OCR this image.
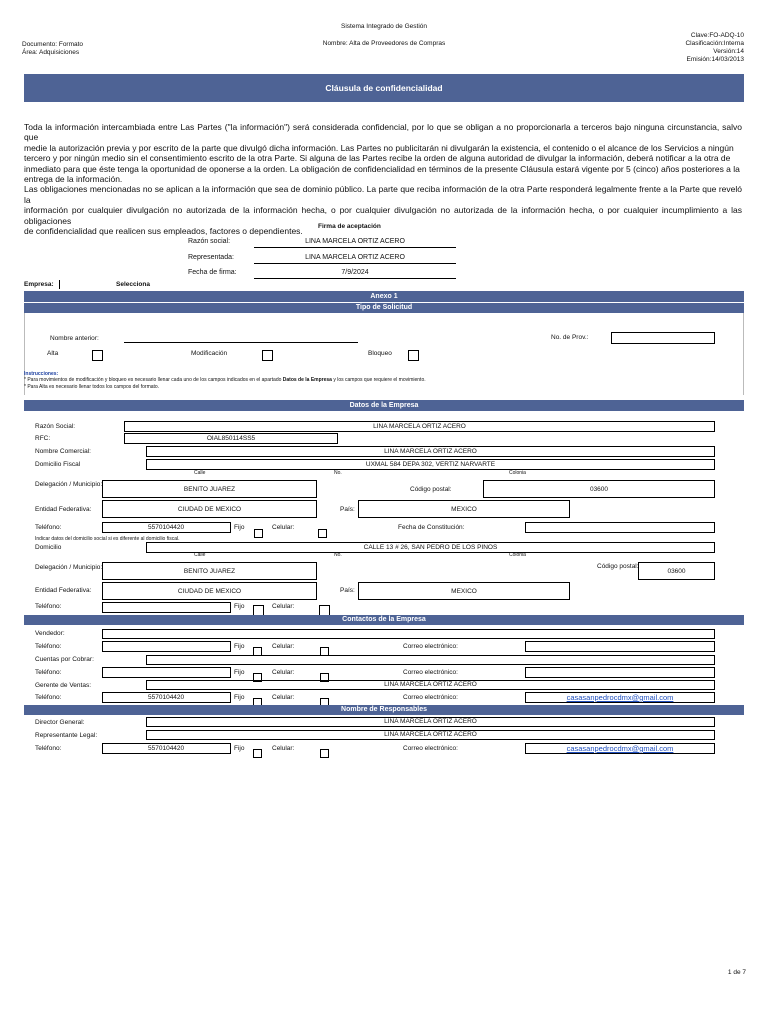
Sistema Integrado de Gestión
Documento: Formato
Área: Adquisiciones
Nombre: Alta de Proveedores de Compras
Clave:FO-ADQ-10
Clasificación:Interna
Versión:14
Emisión:14/03/2013
Cláusula de confidencialidad
Toda la información intercambiada entre Las Partes ("la información") será considerada confidencial, por lo que se obligan a no proporcionarla a terceros bajo ninguna circunstancia, salvo que
medie la autorización previa y por escrito de la parte que divulgó dicha información. Las Partes no publicitarán ni divulgarán la existencia, el contenido o el alcance de los Servicios a ningún
tercero y por ningún medio sin el consentimiento escrito de la otra Parte. Si alguna de las Partes recibe la orden de alguna autoridad de divulgar la información, deberá notificar a la otra de
inmediato para que éste tenga la oportunidad de oponerse a la orden. La obligación de confidencialidad en términos de la presente Cláusula estará vigente por 5 (cinco) años posteriores a la
entrega de la información.
Las obligaciones mencionadas no se aplican a la información que sea de dominio público. La parte que reciba información de la otra Parte responderá legalmente frente a la Parte que reveló la
información por cualquier divulgación no autorizada de la información hecha, o por cualquier divulgación no autorizada de la información hecha, o por cualquier incumplimiento a las obligaciones
de confidencialidad que realicen sus empleados, factores o dependientes.	Firma de aceptación
Razón social:	LINA MARCELA ORTIZ ACERO
Representada:	LINA MARCELA ORTIZ ACERO
Fecha de firma:	7/9/2024
Empresa:	Selecciona
Anexo 1
Tipo de Solicitud
Nombre anterior:	No. de Prov.:
Alta	Modificación	Bloqueo
Instrucciones:
* Para movimientos de modificación y bloqueo es necesario llenar cada uno de los campos indicados en el apartado Datos de la Empresa y los campos que requiere el movimiento.
* Para Alta es necesario llenar todos los campos del formato.
Datos de la Empresa
Razón Social:	LINA MARCELA ORTIZ ACERO
RFC:	OIAL850114SS5
Nombre Comercial:	LINA MARCELA ORTIZ ACERO
Domicilio Fiscal	UXMAL 584 DEPA 302, VERTIZ NARVARTE
Calle	No.	Colonia
Delegación / Municipio:
BENITO JUAREZ	Código postal:	03600
Entidad Federativa:	CIUDAD DE MEXICO	País:	MEXICO
Teléfono:	5570104420	Fijo	Celular:	Fecha de Constitución:
Indicar datos del domicilio social si es diferente al domicilio fiscal.
Domicilio	CALLE 13 # 26, SAN PEDRO DE LOS PINOS
Calle	No.	Colonia
Delegación / Municipio:
BENITO JUAREZ
Código postal:
03600
Entidad Federativa:	CIUDAD DE MEXICO	País:	MEXICO
Teléfono:	Fijo	Celular:
Contactos de la Empresa
Vendedor:
Teléfono:	Fijo	Celular:	Correo electrónico:
Cuentas por Cobrar:
Teléfono:	Fijo	Celular:	Correo electrónico:
Gerente de Ventas:	LINA MARCELA ORTIZ ACERO
Teléfono:	5570104420	Fijo	Celular:	Correo electrónico:	casasanpedrocdmx@gmail.com
Nombre de Responsables
Director General:	LINA MARCELA ORTIZ ACERO
Representante Legal:	LINA MARCELA ORTIZ ACERO
Teléfono:	5570104420	Fijo	Celular:	Correo electrónico:	casasanpedrocdmx@gmail.com
1 de 7
